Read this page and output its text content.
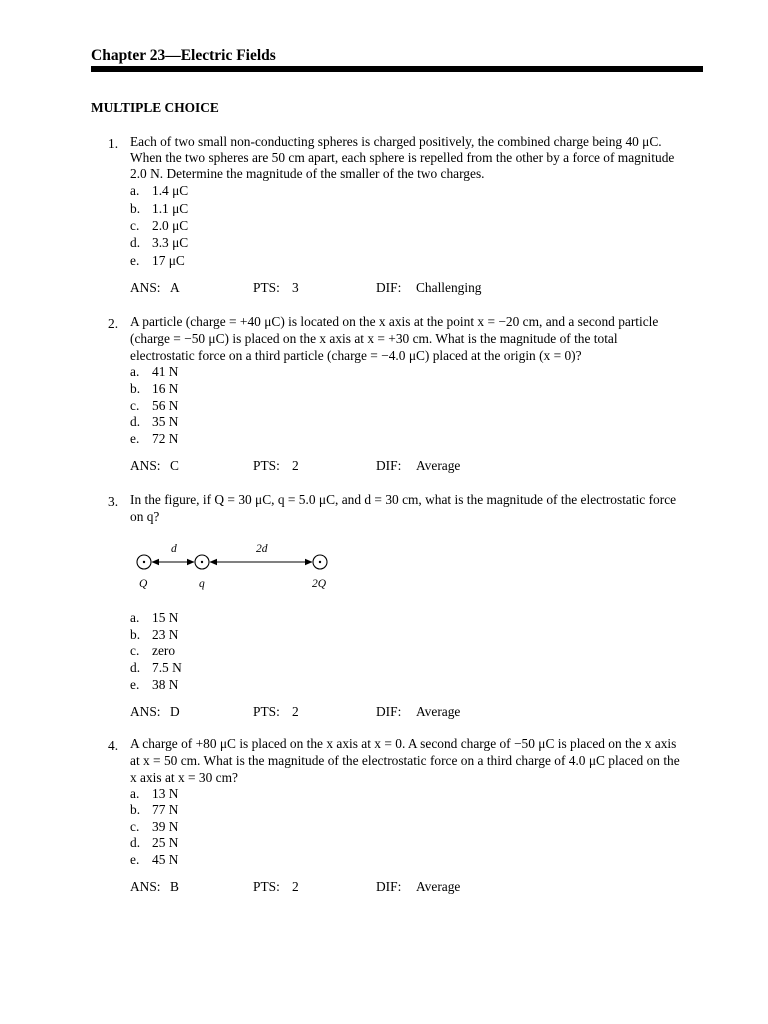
Chapter 23—Electric Fields
MULTIPLE CHOICE
1. Each of two small non-conducting spheres is charged positively, the combined charge being 40 μC.
When the two spheres are 50 cm apart, each sphere is repelled from the other by a force of magnitude
2.0 N. Determine the magnitude of the smaller of the two charges.
a. 1.4 μC
b. 1.1 μC
c. 2.0 μC
d. 3.3 μC
e. 17 μC
ANS: A	PTS: 3	DIF: Challenging
2. A particle (charge = +40 μC) is located on the x axis at the point x = −20 cm, and a second particle
(charge = −50 μC) is placed on the x axis at x = +30 cm. What is the magnitude of the total
electrostatic force on a third particle (charge = −4.0 μC) placed at the origin (x = 0)?
a. 41 N
b. 16 N
c. 56 N
d. 35 N
e. 72 N
ANS: C	PTS: 2	DIF: Average
3. In the figure, if Q = 30 μC, q = 5.0 μC, and d = 30 cm, what is the magnitude of the electrostatic force
on q?
d	2d
Q	q	2Q
a. 15 N
b. 23 N
c. zero
d. 7.5 N
e. 38 N
ANS: D	PTS: 2	DIF: Average
4. A charge of +80 μC is placed on the x axis at x = 0. A second charge of −50 μC is placed on the x axis
at x = 50 cm. What is the magnitude of the electrostatic force on a third charge of 4.0 μC placed on the
x axis at x = 30 cm?
a. 13 N
b. 77 N
c. 39 N
d. 25 N
e. 45 N
ANS: B	PTS: 2	DIF: Average
